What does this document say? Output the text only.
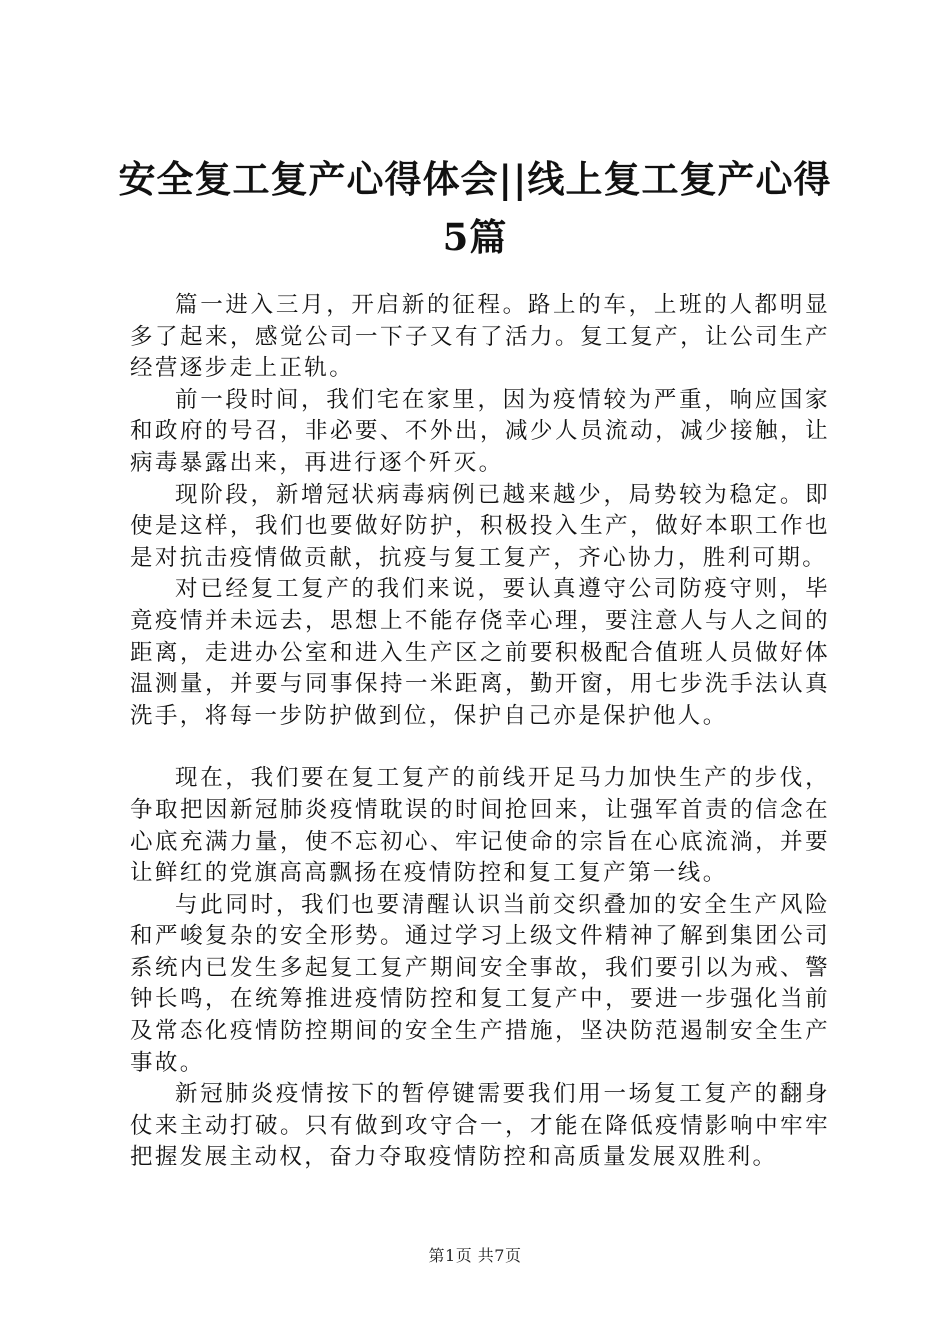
安全复工复产心得体会||线上复工复产心得5篇

篇一进入三月，开启新的征程。路上的车，上班的人都明显多了起来，感觉公司一下子又有了活力。复工复产，让公司生产经营逐步走上正轨。

前一段时间，我们宅在家里，因为疫情较为严重，响应国家和政府的号召，非必要、不外出，减少人员流动，减少接触，让病毒暴露出来，再进行逐个歼灭。

现阶段，新增冠状病毒病例已越来越少，局势较为稳定。即使是这样，我们也要做好防护，积极投入生产，做好本职工作也是对抗击疫情做贡献，抗疫与复工复产，齐心协力，胜利可期。

对已经复工复产的我们来说，要认真遵守公司防疫守则，毕竟疫情并未远去，思想上不能存侥幸心理，要注意人与人之间的距离，走进办公室和进入生产区之前要积极配合值班人员做好体温测量，并要与同事保持一米距离，勤开窗，用七步洗手法认真洗手，将每一步防护做到位，保护自己亦是保护他人。

现在，我们要在复工复产的前线开足马力加快生产的步伐，争取把因新冠肺炎疫情耽误的时间抢回来，让强军首责的信念在心底充满力量，使不忘初心、牢记使命的宗旨在心底流淌，并要让鲜红的党旗高高飘扬在疫情防控和复工复产第一线。

与此同时，我们也要清醒认识当前交织叠加的安全生产风险和严峻复杂的安全形势。通过学习上级文件精神了解到集团公司系统内已发生多起复工复产期间安全事故，我们要引以为戒、警钟长鸣，在统筹推进疫情防控和复工复产中，要进一步强化当前及常态化疫情防控期间的安全生产措施，坚决防范遏制安全生产事故。

新冠肺炎疫情按下的暂停键需要我们用一场复工复产的翻身仗来主动打破。只有做到攻守合一，才能在降低疫情影响中牢牢把握发展主动权，奋力夺取疫情防控和高质量发展双胜利。

第1页 共7页
